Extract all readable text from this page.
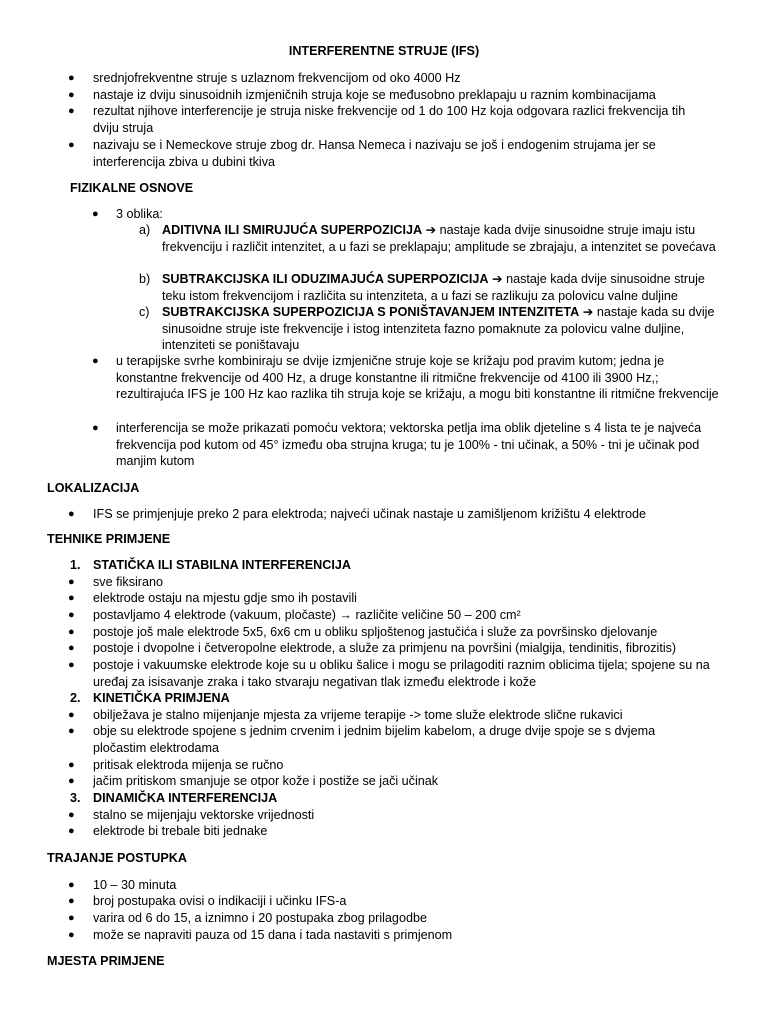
INTERFERENTNE STRUJE (IFS)
● srednjofrekventne struje s uzlaznom frekvencijom od oko 4000 Hz
● nastaje iz dviju sinusoidnih izmjeničnih struja koje se međusobno preklapaju u raznim kombinacijama
● rezultat njihove interferencije je struja niske frekvencije od 1 do 100 Hz koja odgovara razlici frekvencija tih dviju struja
● nazivaju se i Nemeckove struje zbog dr. Hansa Nemeca i nazivaju se još i endogenim strujama jer se interferencija zbiva u dubini tkiva
FIZIKALNE OSNOVE
● 3 oblika:
a) ADITIVNA ILI SMIRUJUĆA SUPERPOZICIJA ➔ nastaje kada dvije sinusoidne struje imaju istu frekvenciju i različit intenzitet, a u fazi se preklapaju; amplitude se zbrajaju, a intenzitet se povećava
b) SUBTRAKCIJSKA ILI ODUZIMAJUĆA SUPERPOZICIJA ➔ nastaje kada dvije sinusoidne struje teku istom frekvencijom i različita su intenziteta, a u fazi se razlikuju za polovicu valne duljine
c) SUBTRAKCIJSKA SUPERPOZICIJA S PONIŠTAVANJEM INTENZITETA ➔ nastaje kada su dvije sinusoidne struje iste frekvencije i istog intenziteta fazno pomaknute za polovicu valne duljine, intenziteti se poništavaju
● u terapijske svrhe kombiniraju se dvije izmjenične struje koje se križaju pod pravim kutom; jedna je konstantne frekvencije od 400 Hz, a druge konstantne ili ritmične frekvencije od 4100 ili 3900 Hz,; rezultirajuća IFS je 100 Hz kao razlika tih struja koje se križaju, a mogu biti konstantne ili ritmične frekvencije
● interferencija se može prikazati pomoću vektora; vektorska petlja ima oblik djeteline s 4 lista te je najveća frekvencija pod kutom od 45° između oba strujna kruga; tu je 100% - tni učinak, a 50% - tni je učinak pod manjim kutom
LOKALIZACIJA
● IFS se primjenjuje preko 2 para elektroda; najveći učinak nastaje u zamišljenom križištu 4 elektrode
TEHNIKE PRIMJENE
1. STATIČKA ILI STABILNA INTERFERENCIJA
● sve fiksirano
● elektrode ostaju na mjestu gdje smo ih postavili
● postavljamo 4 elektrode (vakuum, pločaste) → različite veličine 50 – 200 cm²
● postoje još male elektrode 5x5, 6x6 cm u obliku spljoštenog jastučića i služe za površinsko djelovanje
● postoje i dvopolne i četveropolne elektrode, a služe za primjenu na površini (mialgija, tendinitis, fibrozitis)
● postoje i vakuumske elektrode koje su u obliku šalice i mogu se prilagoditi raznim oblicima tijela; spojene su na uređaj za isisavanje zraka i tako stvaraju negativan tlak između elektrode i kože
2. KINETIČKA PRIMJENA
● obilježava je stalno mijenjanje mjesta za vrijeme terapije -> tome služe elektrode slične rukavici
● obje su elektrode spojene s jednim crvenim i jednim bijelim kabelom, a druge dvije spoje se s dvjema pločastim elektrodama
● pritisak elektroda mijenja se ručno
● jačim pritiskom smanjuje se otpor kože i postiže se jači učinak
3. DINAMIČKA INTERFERENCIJA
● stalno se mijenjaju vektorske vrijednosti
● elektrode bi trebale biti jednake
TRAJANJE POSTUPKA
● 10 – 30 minuta
● broj postupaka ovisi o indikaciji i učinku IFS-a
● varira od 6 do 15, a iznimno i 20 postupaka zbog prilagodbe
● može se napraviti pauza od 15 dana i tada nastaviti s primjenom
MJESTA PRIMJENE
